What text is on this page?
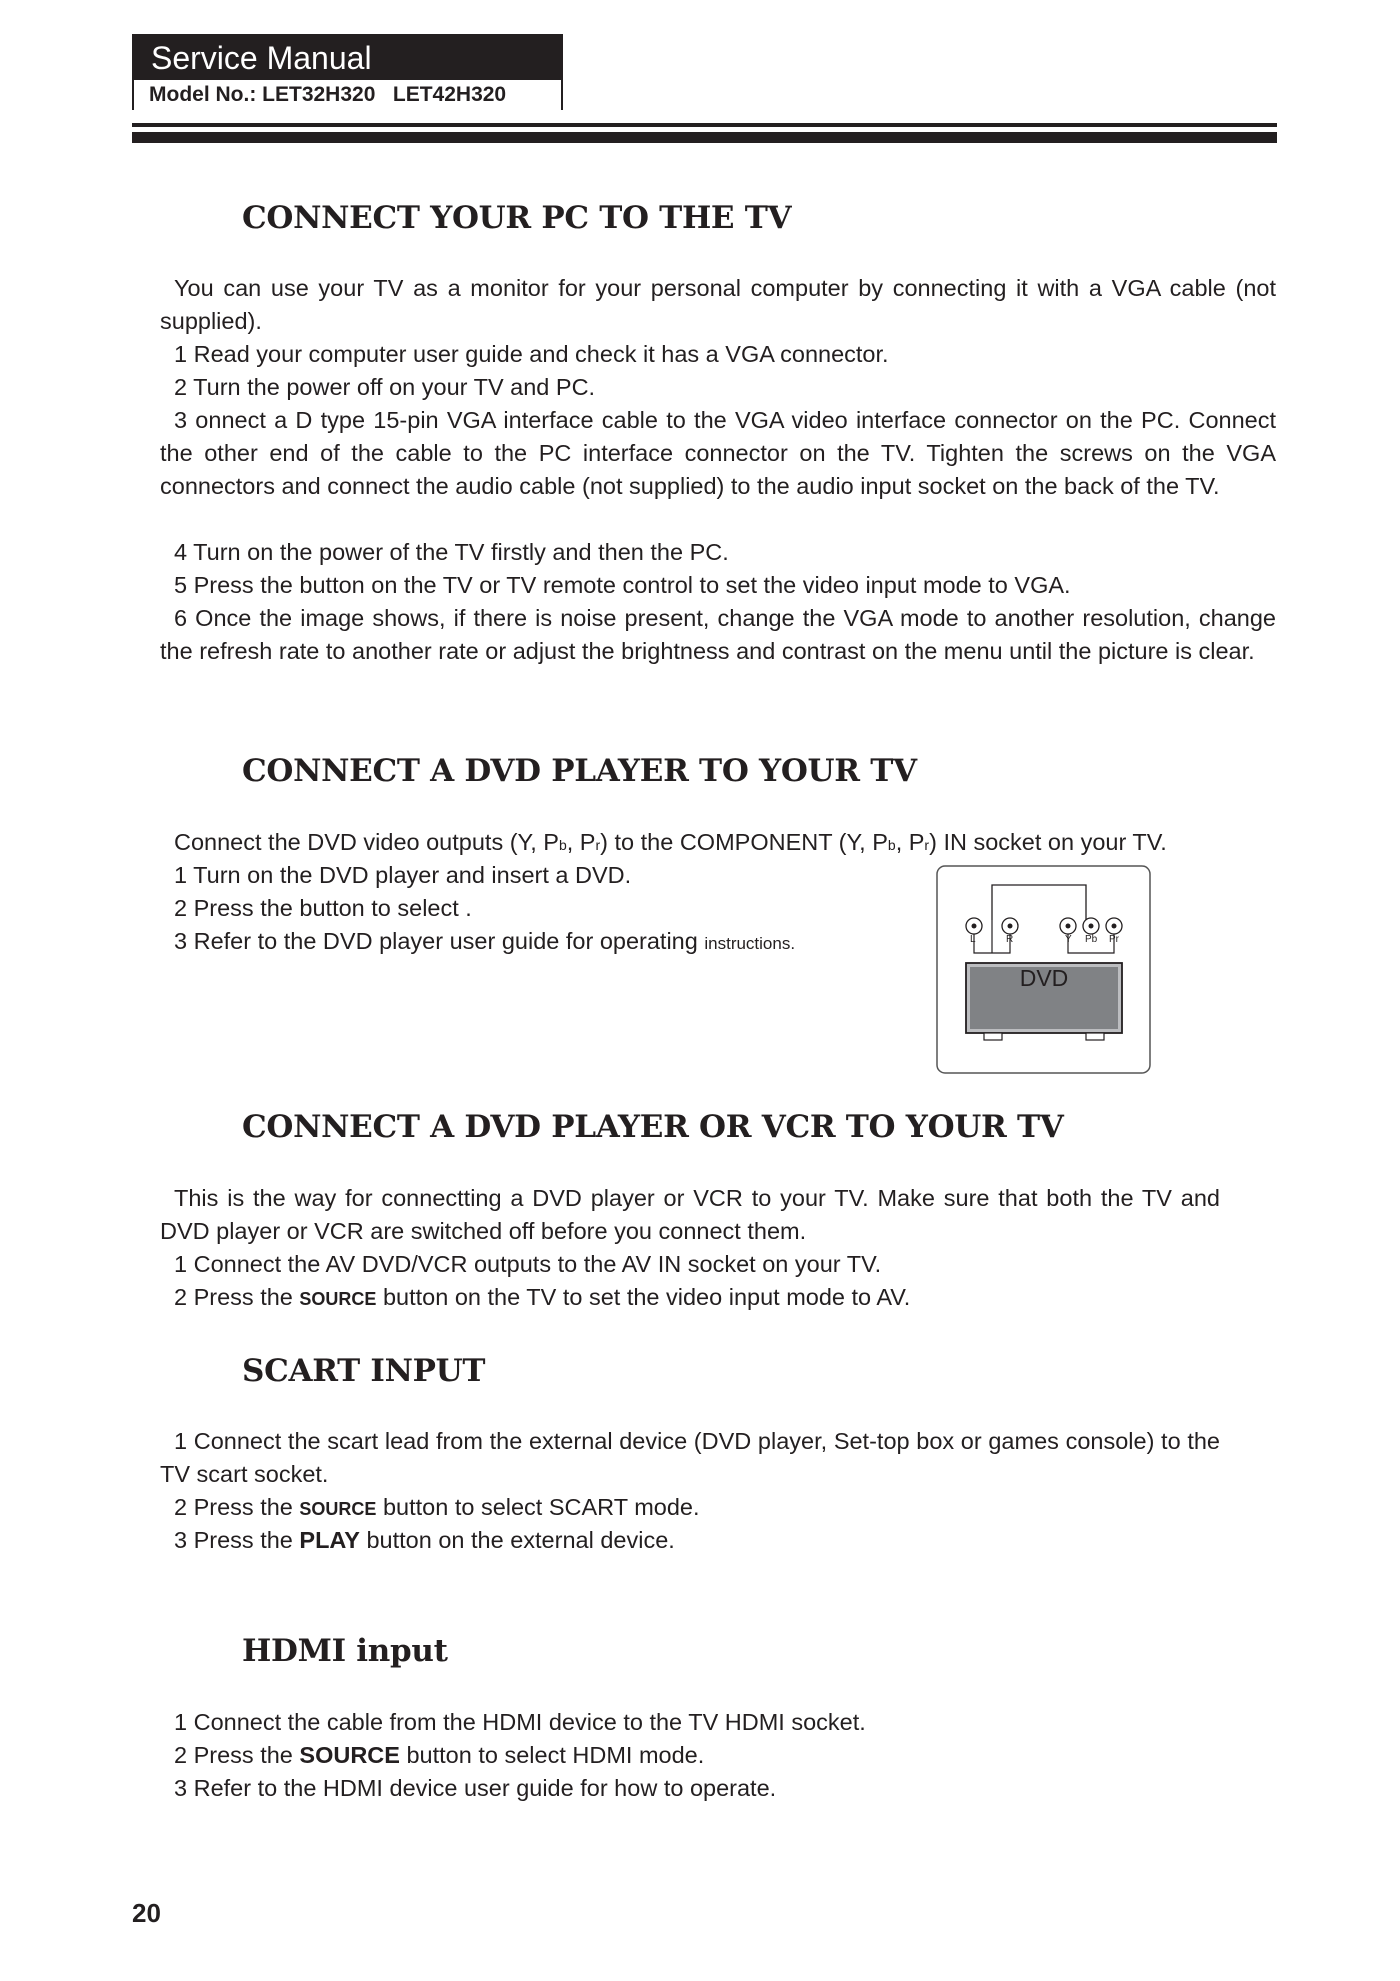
Service Manual
Model No.: LET32H320   LET42H320
CONNECT YOUR PC TO THE TV
You can use your TV as a monitor for your personal computer by connecting it with a VGA cable (not supplied).
1 Read your computer user guide and check it has a VGA connector.
2 Turn the power off on your TV and PC.
3 onnect a D type 15-pin VGA interface cable to the VGA video interface connector on the PC. Connect the other end of the cable to the PC interface connector on the TV. Tighten the screws on the VGA connectors and connect the audio cable (not supplied) to the audio input socket on the back of the TV.
4 Turn on the power of the TV firstly and then the PC.
5 Press the button on the TV or TV remote control to set the video input mode to VGA.
6 Once the image shows, if there is noise present, change the VGA mode to another resolution, change the refresh rate to another rate or adjust the brightness and contrast on the menu until the picture is clear.
CONNECT A DVD PLAYER TO YOUR TV
Connect the DVD video outputs (Y, Pb, Pr) to the COMPONENT (Y, Pb, Pr) IN socket on your TV.
1 Turn on the DVD player and insert a DVD.
2 Press the button to select .
3 Refer to the DVD player user guide for operating instructions.	L	R	Y Pb Pr
DVD
CONNECT A DVD PLAYER OR VCR TO YOUR TV
This is the way for connectting a DVD player or VCR to your TV. Make sure that both the TV and DVD player or VCR are switched off before you connect them.
1 Connect the AV DVD/VCR outputs to the AV IN socket on your TV.
2 Press the SOURCE button on the TV to set the video input mode to AV.
SCART INPUT
1 Connect the scart lead from the external device (DVD player, Set-top box or games console) to the TV scart socket.
2 Press the SOURCE button to select SCART mode.
3 Press the PLAY button on the external device.
HDMI input
1 Connect the cable from the HDMI device to the TV HDMI socket.
2 Press the SOURCE button to select HDMI mode.
3 Refer to the HDMI device user guide for how to operate.
20
